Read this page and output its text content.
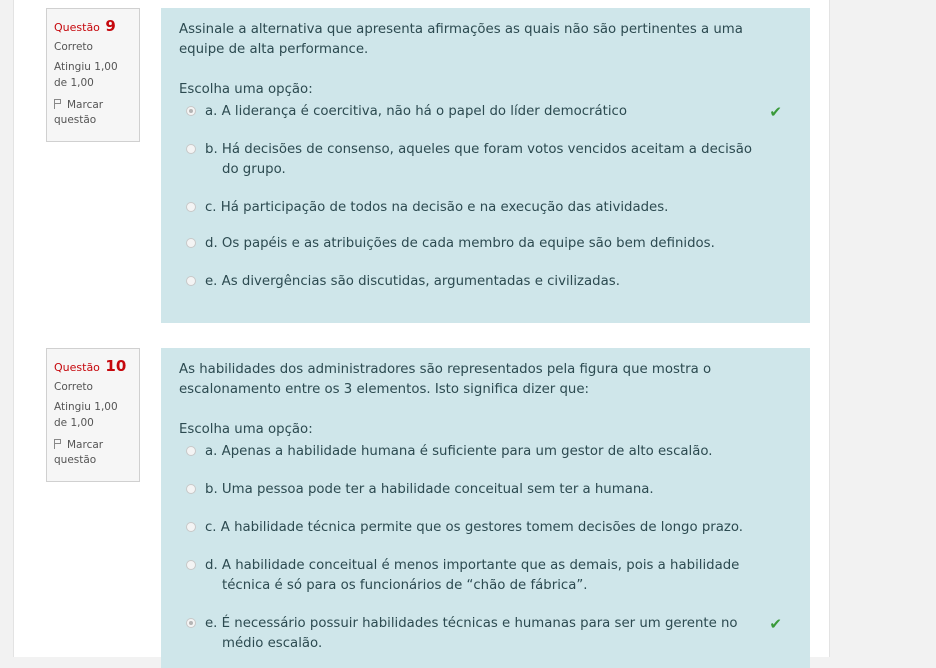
Questão 9
Correto
Atingiu 1,00 de 1,00
Marcar questão
Assinale a alternativa que apresenta afirmações as quais não são pertinentes a uma equipe de alta performance.
Escolha uma opção:
a. A liderança é coercitiva, não há o papel do líder democrático	✔
b. Há decisões de consenso, aqueles que foram votos vencidos aceitam a decisão do grupo.
c. Há participação de todos na decisão e na execução das atividades.
d. Os papéis e as atribuições de cada membro da equipe são bem definidos.
e. As divergências são discutidas, argumentadas e civilizadas.
Questão 10
Correto
Atingiu 1,00 de 1,00
Marcar questão
As habilidades dos administradores são representados pela figura que mostra o escalonamento entre os 3 elementos. Isto significa dizer que:
Escolha uma opção:
a. Apenas a habilidade humana é suficiente para um gestor de alto escalão.
b. Uma pessoa pode ter a habilidade conceitual sem ter a humana.
c. A habilidade técnica permite que os gestores tomem decisões de longo prazo.
d. A habilidade conceitual é menos importante que as demais, pois a habilidade técnica é só para os funcionários de “chão de fábrica”.
e. É necessário possuir habilidades técnicas e humanas para ser um gerente no médio escalão.
✔
